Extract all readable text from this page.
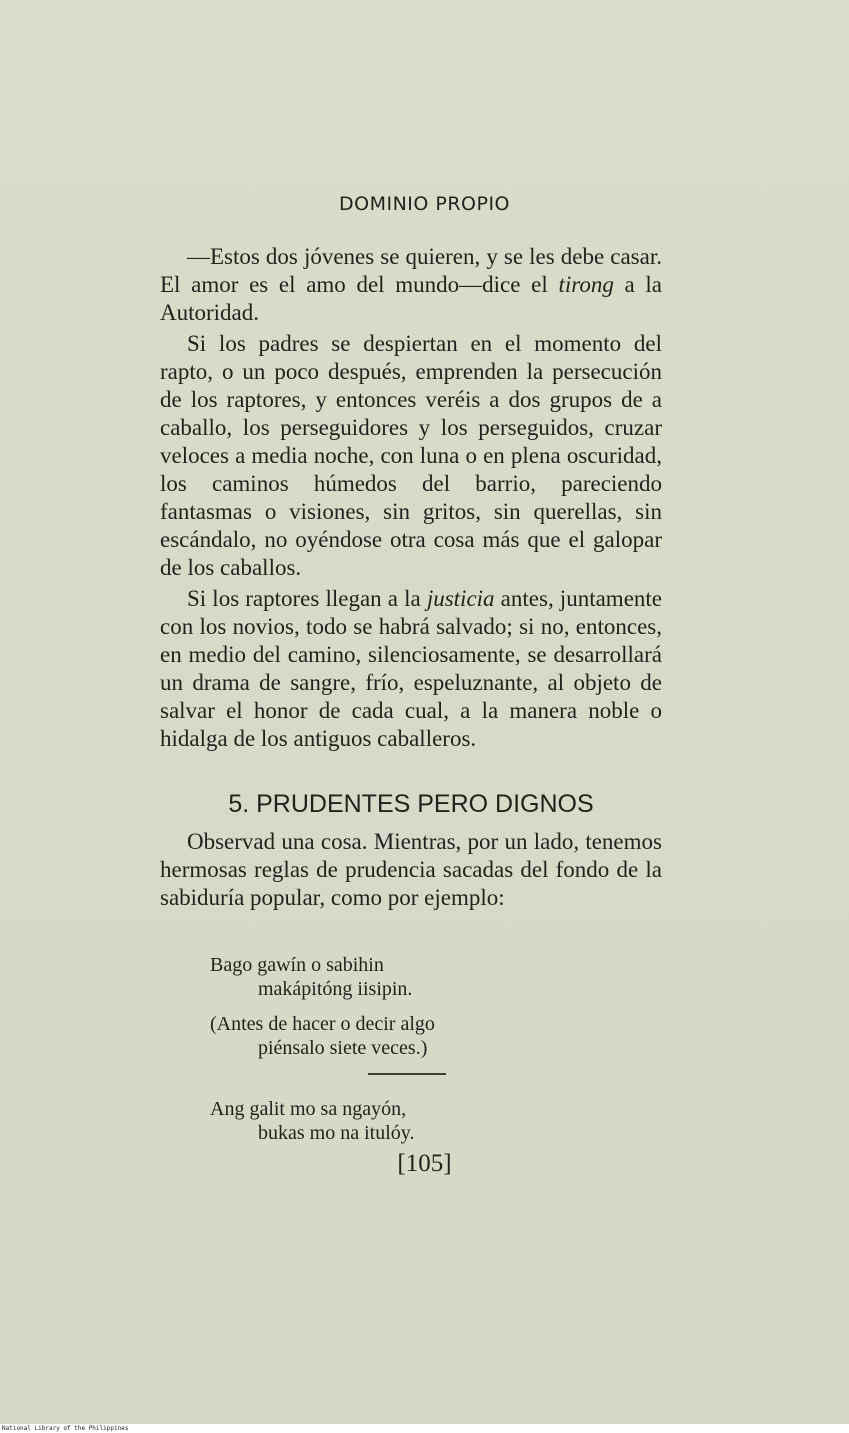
DOMINIO PROPIO

—Estos dos jóvenes se quieren, y se les debe casar. El amor es el amo del mundo—dice el tirong a la Autoridad.

Si los padres se despiertan en el momento del rapto, o un poco después, emprenden la persecución de los raptores, y entonces veréis a dos grupos de a caballo, los perseguidores y los perseguidos, cruzar veloces a media noche, con luna o en plena oscuridad, los caminos húmedos del barrio, pareciendo fantasmas o visiones, sin gritos, sin querellas, sin escándalo, no oyéndose otra cosa más que el galopar de los caballos.

Si los raptores llegan a la justicia antes, juntamente con los novios, todo se habrá salvado; si no, entonces, en medio del camino, silenciosamente, se desarrollará un drama de sangre, frío, espeluznante, al objeto de salvar el honor de cada cual, a la manera noble o hidalga de los antiguos caballeros.

5. PRUDENTES PERO DIGNOS

Observad una cosa. Mientras, por un lado, tenemos hermosas reglas de prudencia sacadas del fondo de la sabiduría popular, como por ejemplo:

Bago gawín o sabihin
makápitóng iisipin.
(Antes de hacer o decir algo
piénsalo siete veces.)
Ang galit mo sa ngayón,
bukas mo na itulóy.
[105]
National Library of the Philippines
